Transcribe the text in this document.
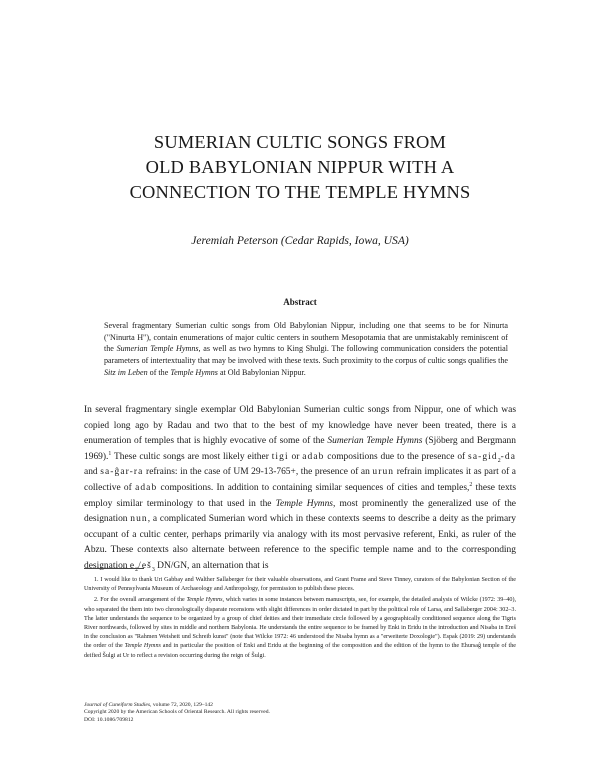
SUMERIAN CULTIC SONGS FROM
OLD BABYLONIAN NIPPUR WITH A
CONNECTION TO THE TEMPLE HYMNS
Jeremiah Peterson (Cedar Rapids, Iowa, USA)
Abstract
Several fragmentary Sumerian cultic songs from Old Babylonian Nippur, including one that seems to be for Ninurta ("Ninurta H"), contain enumerations of major cultic centers in southern Mesopotamia that are unmistakably reminiscent of the Sumerian Temple Hymns, as well as two hymns to King Shulgi. The following communication considers the potential parameters of intertextuality that may be involved with these texts. Such proximity to the corpus of cultic songs qualifies the Sitz im Leben of the Temple Hymns at Old Babylonian Nippur.
In several fragmentary single exemplar Old Babylonian Sumerian cultic songs from Nippur, one of which was copied long ago by Radau and two that to the best of my knowledge have never been treated, there is a enumeration of temples that is highly evocative of some of the Sumerian Temple Hymns (Sjöberg and Bergmann 1969).$^1$ These cultic songs are most likely either tigi or adab compositions due to the presence of sa-gid$_2$-da and sa-ĝar-ra refrains: in the case of UM 29-13-765+, the presence of an urun refrain implicates it as part of a collective of adab compositions. In addition to containing similar sequences of cities and temples,$^2$ these texts employ similar terminology to that used in the Temple Hymns, most prominently the generalized use of the designation nun, a complicated Sumerian word which in these contexts seems to describe a deity as the primary occupant of a cultic center, perhaps primarily via analogy with its most pervasive referent, Enki, as ruler of the Abzu. These contexts also alternate between reference to the specific temple name and to the corresponding designation $e_2/eš_3$ DN/GN, an alternation that is

1. I would like to thank Uri Gabbay and Walther Sallaberger for their valuable observations, and Grant Frame and Steve Tinney, curators of the Babylonian Section of the University of Pennsylvania Museum of Archaeology and Anthropology, for permission to publish these pieces.

2. For the overall arrangement of the Temple Hymns, which varies in some instances between manuscripts, see, for example, the detailed analysis of Wilcke (1972: 39–40), who separated the them into two chronologically disparate recensions with slight differences in order dictated in part by the political role of Larsa, and Sallaberger 2004: 302–3. The latter understands the sequence to be organized by a group of chief deities and their immediate circle followed by a geographically conditioned sequence along the Tigris River northwards, followed by sites in middle and northern Babylonia. He understands the entire sequence to be framed by Enki in Eridu in the introduction and Nisaba in Ereš in the conclusion as "Rahmen Weisheit und Schreib kunst" (note that Wilcke 1972: 46 understood the Nisaba hymn as a "erweiterte Doxologie"). Espak (2019: 29) understands the order of the Temple Hymns and in particular the position of Enki and Eridu at the beginning of the composition and the edition of the hymn to the Ehursaĝ temple of the deified Šulgi at Ur to reflect a revision occurring during the reign of Šulgi.

Journal of Cuneiform Studies, volume 72, 2020, 129–142
Copyright 2020 by the American Schools of Oriental Research. All rights reserved.
DOI: 10.1086/709812
